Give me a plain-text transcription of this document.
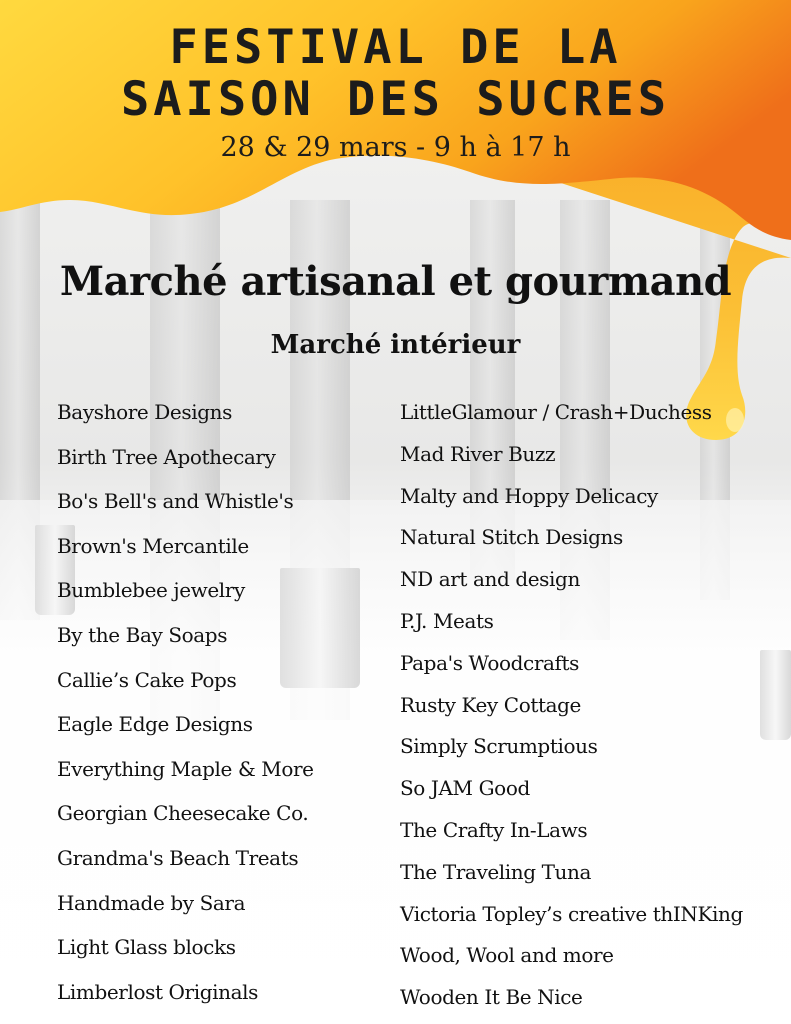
FESTIVAL DE LA
SAISON DES SUCRES
28 & 29 mars - 9 h à 17 h
Marché artisanal et gourmand
Marché intérieur
Bayshore Designs
Birth Tree Apothecary
Bo's Bell's and Whistle's
Brown's Mercantile
Bumblebee jewelry
By the Bay Soaps
Callie’s Cake Pops
Eagle Edge Designs
Everything Maple & More
Georgian Cheesecake Co.
Grandma's Beach Treats
Handmade by Sara
Light Glass blocks
Limberlost Originals
LittleGlamour / Crash+Duchess
Mad River Buzz
Malty and Hoppy Delicacy
Natural Stitch Designs
ND art and design
P.J. Meats
Papa's Woodcrafts
Rusty Key Cottage
Simply Scrumptious
So JAM Good
The Crafty In-Laws
The Traveling Tuna
Victoria Topley’s creative thINKing
Wood, Wool and more
Wooden It Be Nice
